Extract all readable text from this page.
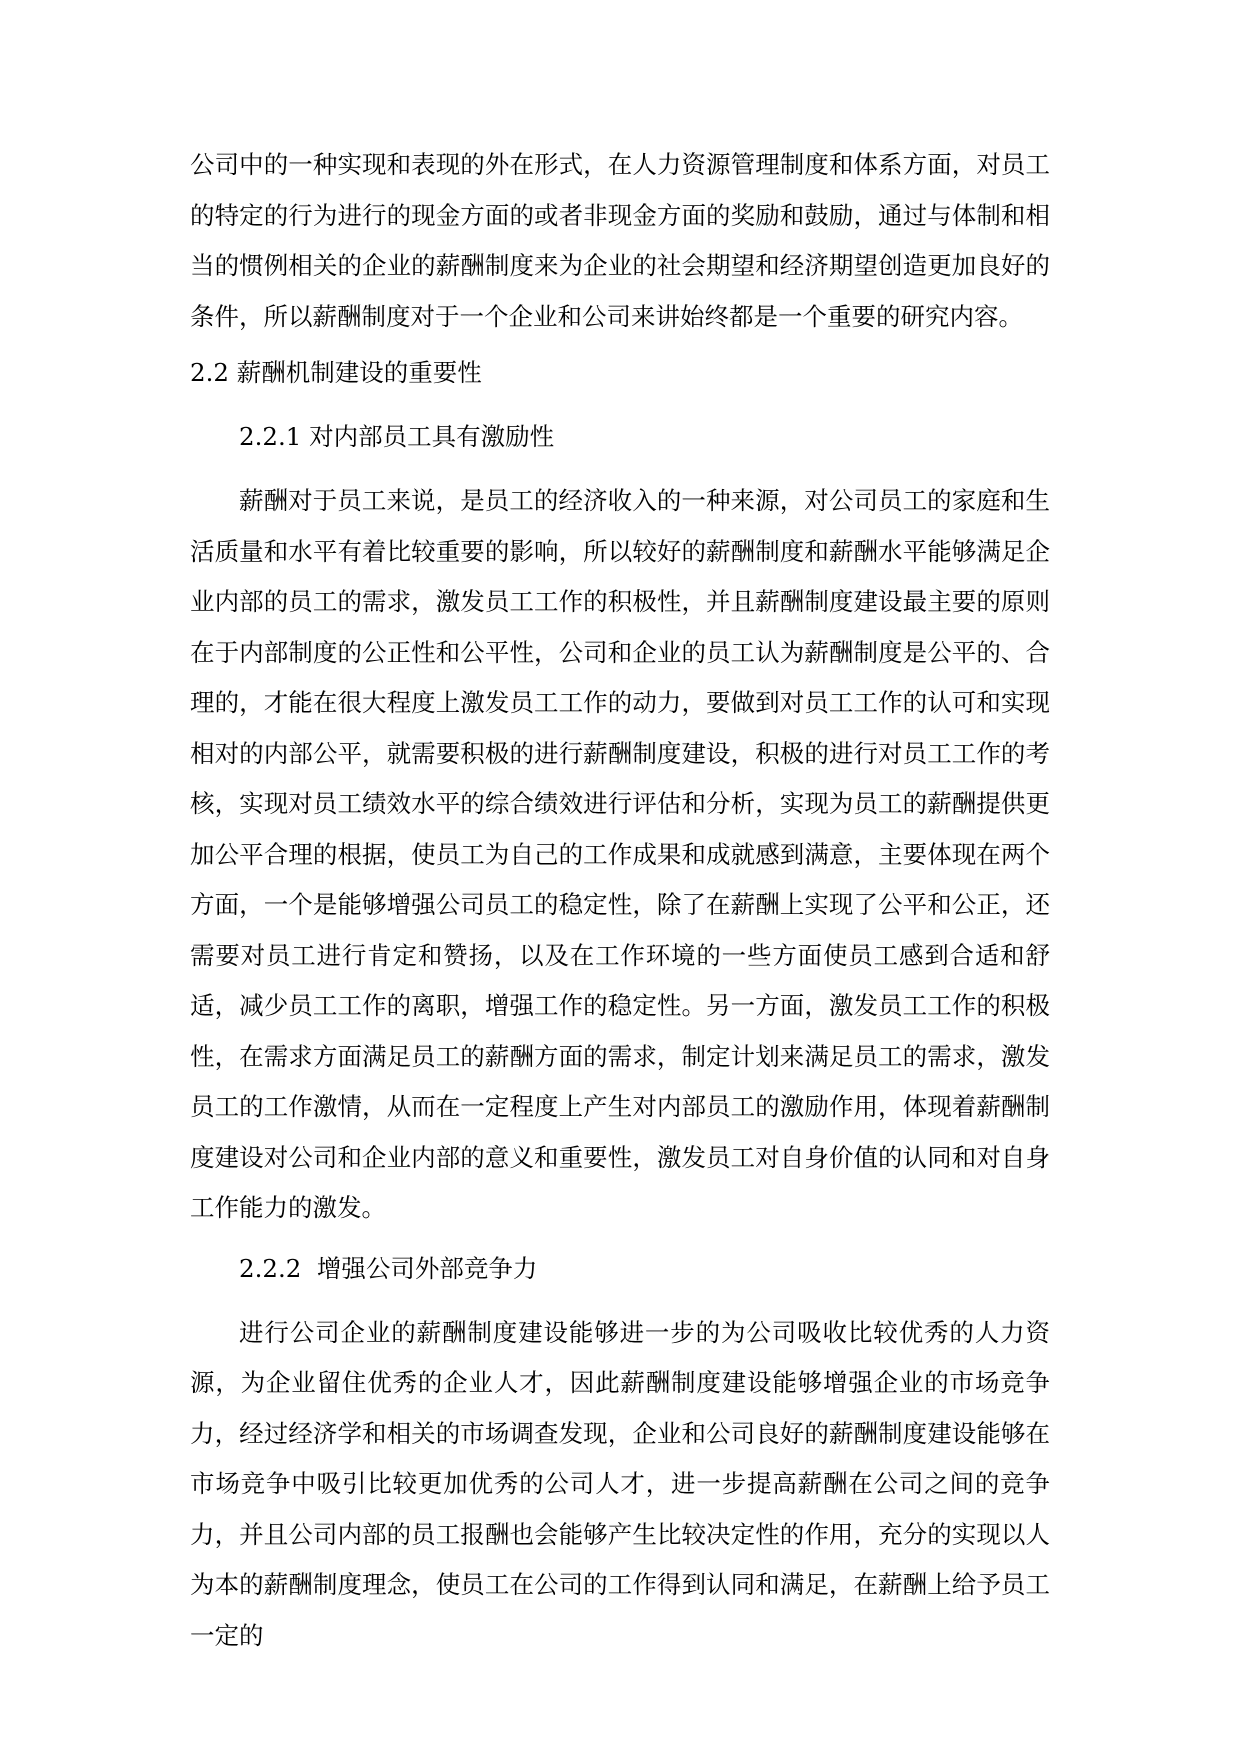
公司中的一种实现和表现的外在形式，在人力资源管理制度和体系方面，对员工的特定的行为进行的现金方面的或者非现金方面的奖励和鼓励，通过与体制和相当的惯例相关的企业的薪酬制度来为企业的社会期望和经济期望创造更加良好的条件，所以薪酬制度对于一个企业和公司来讲始终都是一个重要的研究内容。

2.2 薪酬机制建设的重要性
2.2.1 对内部员工具有激励性

薪酬对于员工来说，是员工的经济收入的一种来源，对公司员工的家庭和生活质量和水平有着比较重要的影响，所以较好的薪酬制度和薪酬水平能够满足企业内部的员工的需求，激发员工工作的积极性，并且薪酬制度建设最主要的原则在于内部制度的公正性和公平性，公司和企业的员工认为薪酬制度是公平的、合理的，才能在很大程度上激发员工工作的动力，要做到对员工工作的认可和实现相对的内部公平，就需要积极的进行薪酬制度建设，积极的进行对员工工作的考核，实现对员工绩效水平的综合绩效进行评估和分析，实现为员工的薪酬提供更加公平合理的根据，使员工为自己的工作成果和成就感到满意，主要体现在两个方面，一个是能够增强公司员工的稳定性，除了在薪酬上实现了公平和公正，还需要对员工进行肯定和赞扬，以及在工作环境的一些方面使员工感到合适和舒适，减少员工工作的离职，增强工作的稳定性。另一方面，激发员工工作的积极性，在需求方面满足员工的薪酬方面的需求，制定计划来满足员工的需求，激发员工的工作激情，从而在一定程度上产生对内部员工的激励作用，体现着薪酬制度建设对公司和企业内部的意义和重要性，激发员工对自身价值的认同和对自身工作能力的激发。

2.2.2  增强公司外部竞争力

进行公司企业的薪酬制度建设能够进一步的为公司吸收比较优秀的人力资源，为企业留住优秀的企业人才，因此薪酬制度建设能够增强企业的市场竞争力，经过经济学和相关的市场调查发现，企业和公司良好的薪酬制度建设能够在市场竞争中吸引比较更加优秀的公司人才，进一步提高薪酬在公司之间的竞争力，并且公司内部的员工报酬也会能够产生比较决定性的作用，充分的实现以人为本的薪酬制度理念，使员工在公司的工作得到认同和满足，在薪酬上给予员工一定的
